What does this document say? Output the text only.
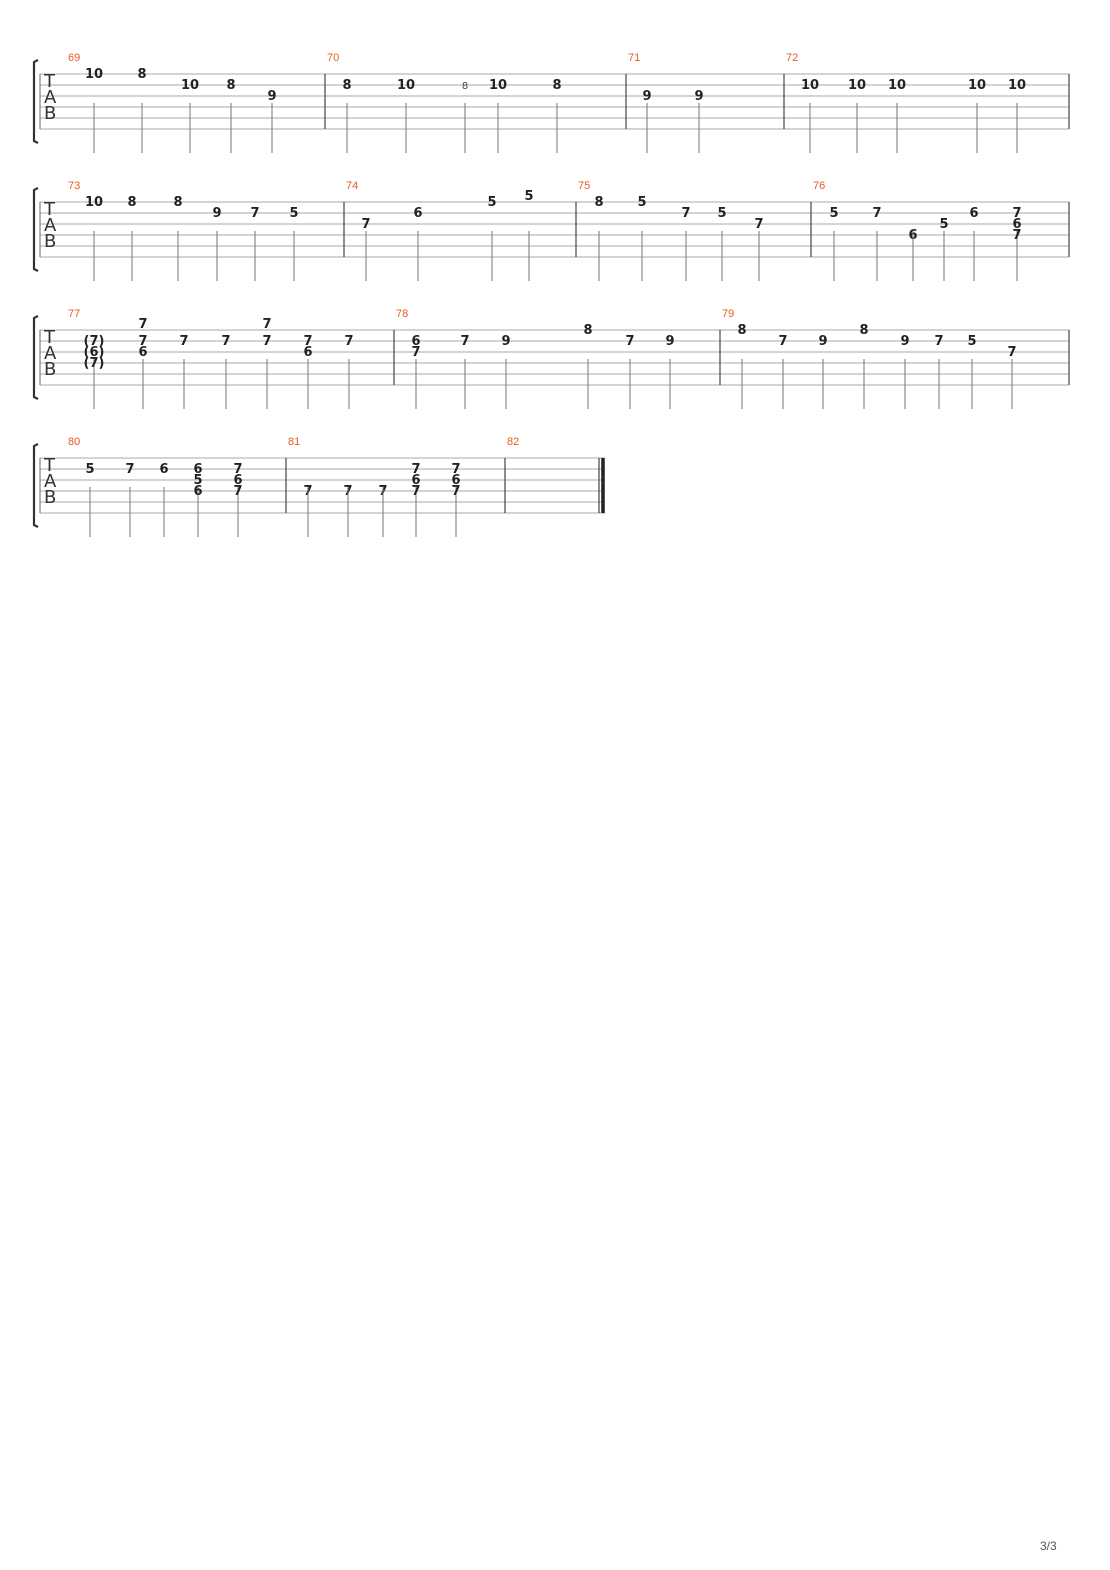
T
A
B
69
10	8
10 8
9
70
8	10	8 10	8
71
9	9
72
10 10 10	10 10
T
A
B
73
10 8	8
9 7 5
74
7
6
5 5
75
8	5
7 5
7
76
5	7
6
5
6	7
6
7
T
A
B
77
(7)
(6)
(7)
7
7
6
7	7
7
7 7
6
7
78
6
7
7 9
8
7 9
79
8
7 9
8
9 7 5
7
T
A
B
80
5 7 6 6
5
6
7
6
7
81
7 7 7
7
6
7
7
6
7
82
3/3
